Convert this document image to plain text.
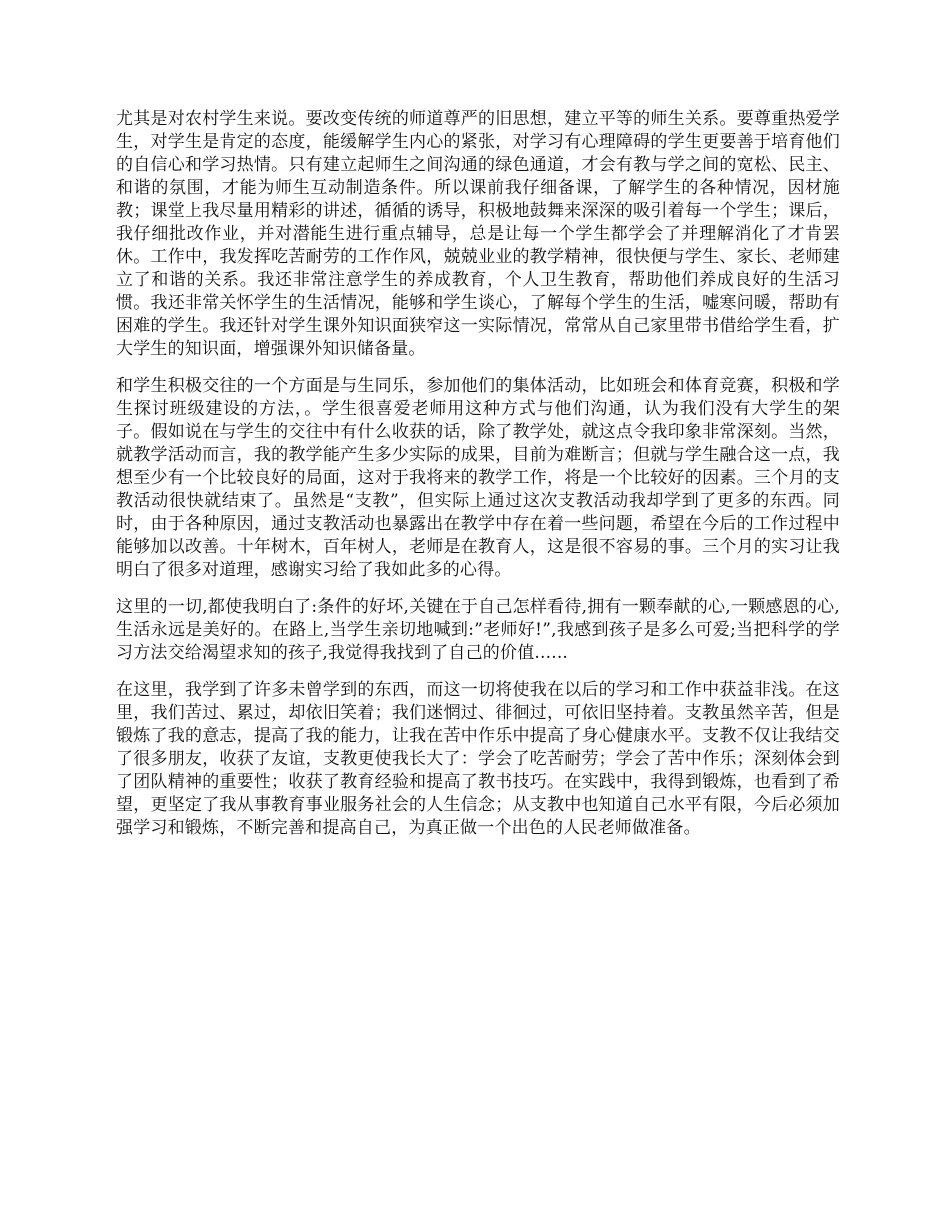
尤其是对农村学生来说。要改变传统的师道尊严的旧思想，建立平等的师生关系。要尊重热爱学生，对学生是肯定的态度，能缓解学生内心的紧张，对学习有心理障碍的学生更要善于培育他们的自信心和学习热情。只有建立起师生之间沟通的绿色通道，才会有教与学之间的宽松、民主、和谐的氛围，才能为师生互动制造条件。所以课前我仔细备课，了解学生的各种情况，因材施教；课堂上我尽量用精彩的讲述，循循的诱导，积极地鼓舞来深深的吸引着每一个学生；课后，我仔细批改作业，并对潜能生进行重点辅导，总是让每一个学生都学会了并理解消化了才肯罢休。工作中，我发挥吃苦耐劳的工作作风，兢兢业业的教学精神，很快便与学生、家长、老师建立了和谐的关系。我还非常注意学生的养成教育，个人卫生教育，帮助他们养成良好的生活习惯。我还非常关怀学生的生活情况，能够和学生谈心，了解每个学生的生活，嘘寒问暖，帮助有困难的学生。我还针对学生课外知识面狭窄这一实际情况，常常从自己家里带书借给学生看，扩大学生的知识面，增强课外知识储备量。

和学生积极交往的一个方面是与生同乐，参加他们的集体活动，比如班会和体育竞赛，积极和学生探讨班级建设的方法，。学生很喜爱老师用这种方式与他们沟通，认为我们没有大学生的架子。假如说在与学生的交往中有什么收获的话，除了教学处，就这点令我印象非常深刻。当然，就教学活动而言，我的教学能产生多少实际的成果，目前为难断言；但就与学生融合这一点，我想至少有一个比较良好的局面，这对于我将来的教学工作，将是一个比较好的因素。三个月的支教活动很快就结束了。虽然是“支教”，但实际上通过这次支教活动我却学到了更多的东西。同时，由于各种原因，通过支教活动也暴露出在教学中存在着一些问题，希望在今后的工作过程中能够加以改善。十年树木，百年树人，老师是在教育人，这是很不容易的事。三个月的实习让我明白了很多对道理，感谢实习给了我如此多的心得。

这里的一切,都使我明白了:条件的好坏,关键在于自己怎样看待,拥有一颗奉献的心,一颗感恩的心,生活永远是美好的。在路上,当学生亲切地喊到:”老师好!”,我感到孩子是多么可爱;当把科学的学习方法交给渴望求知的孩子,我觉得我找到了自己的价值......

在这里，我学到了许多未曾学到的东西，而这一切将使我在以后的学习和工作中获益非浅。在这里，我们苦过、累过，却依旧笑着；我们迷惘过、徘徊过，可依旧坚持着。支教虽然辛苦，但是锻炼了我的意志，提高了我的能力，让我在苦中作乐中提高了身心健康水平。支教不仅让我结交了很多朋友，收获了友谊，支教更使我长大了：学会了吃苦耐劳；学会了苦中作乐；深刻体会到了团队精神的重要性；收获了教育经验和提高了教书技巧。在实践中，我得到锻炼，也看到了希望，更坚定了我从事教育事业服务社会的人生信念；从支教中也知道自己水平有限，今后必须加强学习和锻炼，不断完善和提高自己，为真正做一个出色的人民老师做准备。
